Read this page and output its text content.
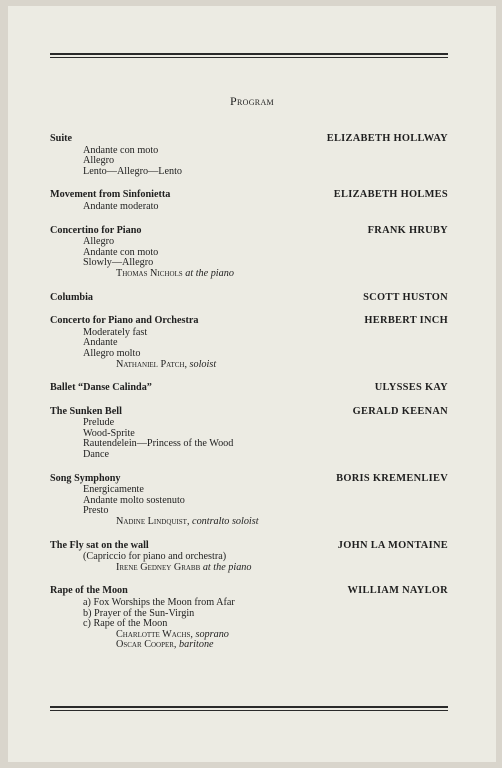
Program
Suite	ELIZABETH HOLLWAY
Andante con moto
Allegro
Lento—Allegro—Lento
Movement from Sinfonietta	ELIZABETH HOLMES
Andante moderato
Concertino for Piano	FRANK HRUBY
Allegro
Andante con moto
Slowly—Allegro
Thomas Nichols at the piano
Columbia	SCOTT HUSTON
Concerto for Piano and Orchestra	HERBERT INCH
Moderately fast
Andante
Allegro molto
Nathaniel Patch, soloist
Ballet “Danse Calinda”	ULYSSES KAY
The Sunken Bell	GERALD KEENAN
Prelude
Wood-Sprite
Rautendelein—Princess of the Wood
Dance
Song Symphony	BORIS KREMENLIEV
Energicamente
Andante molto sostenuto
Presto
Nadine Lindquist, contralto soloist
The Fly sat on the wall	JOHN LA MONTAINE
(Capriccio for piano and orchestra)
Irene Gedney Grabb at the piano
Rape of the Moon	WILLIAM NAYLOR
a) Fox Worships the Moon from Afar
b) Prayer of the Sun-Virgin
c) Rape of the Moon
Charlotte Wachs, soprano
Oscar Cooper, baritone
